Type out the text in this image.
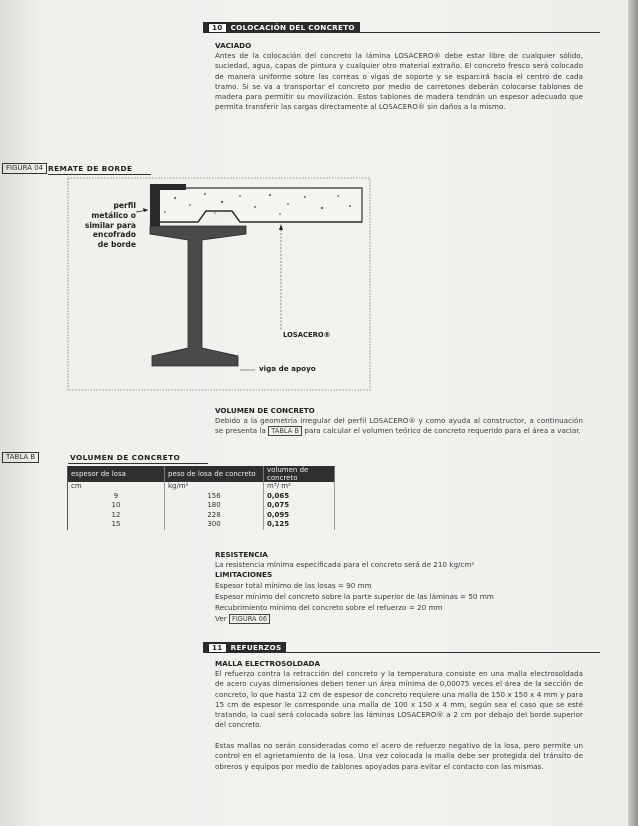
10 COLOCACIÓN DEL CONCRETO
VACIADO
Antes de la colocación del concreto la lámina LOSACERO® debe estar libre de cualquier sólido, suciedad, agua, capas de pintura y cualquier otro material extraño. El concreto fresco será colocado de manera uniforme sobre las correas o vigas de soporte y se esparcirá hacia el centro de cada tramo. Si se va a transportar el concreto por medio de carretones deberán colocarse tablones de madera para permitir su movilización. Estos tablones de madera tendrán un espesor adecuado que permita transferir las cargas directamente al LOSACERO® sin daños a la mismo.
FIGURA 04 REMATE DE BORDE
perfil
metálico o
similar para
encofrado
de borde
LOSACERO®
viga de apoyo
VOLUMEN DE CONCRETO
Debido a la geometría irregular del perfil LOSACERO® y como ayuda al constructor, a continuación se presenta la TABLA B para calcular el volumen teórico de concreto requerido para el área a vaciar.
TABLA B	VOLUMEN DE CONCRETO
espesor de losa	peso de losa de concreto	volumen de concreto
cm	kg/m²	m³/ m²
9	156	0,065
10	180	0,075
12	228	0,095
15	300	0,125
RESISTENCIA
La resistencia mínima especificada para el concreto será de 210 kg/cm²
LIMITACIONES
Espesor total mínimo de las losas = 90 mm
Espesor mínimo del concreto sobre la parte superior de las láminas = 50 mm
Recubrimiento mínimo del concreto sobre el refuerzo = 20 mm
Ver FIGURA 06
11 REFUERZOS
MALLA ELECTROSOLDADA
El refuerzo contra la retracción del concreto y la temperatura consiste en una malla electrosoldada de acero cuyas dimensiones deben tener un área mínima de 0,00075 veces el área de la sección de concreto, lo que hasta 12 cm de espesor de concreto requiere una malla de 150 x 150 x 4 mm y para 15 cm de espesor le corresponde una malla de 100 x 150 x 4 mm, según sea el caso que se esté tratando, la cual será colocada sobre las láminas LOSACERO® a 2 cm por debajo del borde superior del concreto.
Estas mallas no serán consideradas como el acero de refuerzo negativo de la losa, pero permite un control en el agrietamiento de la losa. Una vez colocada la malla debe ser protegida del tránsito de obreros y equipos por medio de tablones apoyados para evitar el contacto con las mismas.
